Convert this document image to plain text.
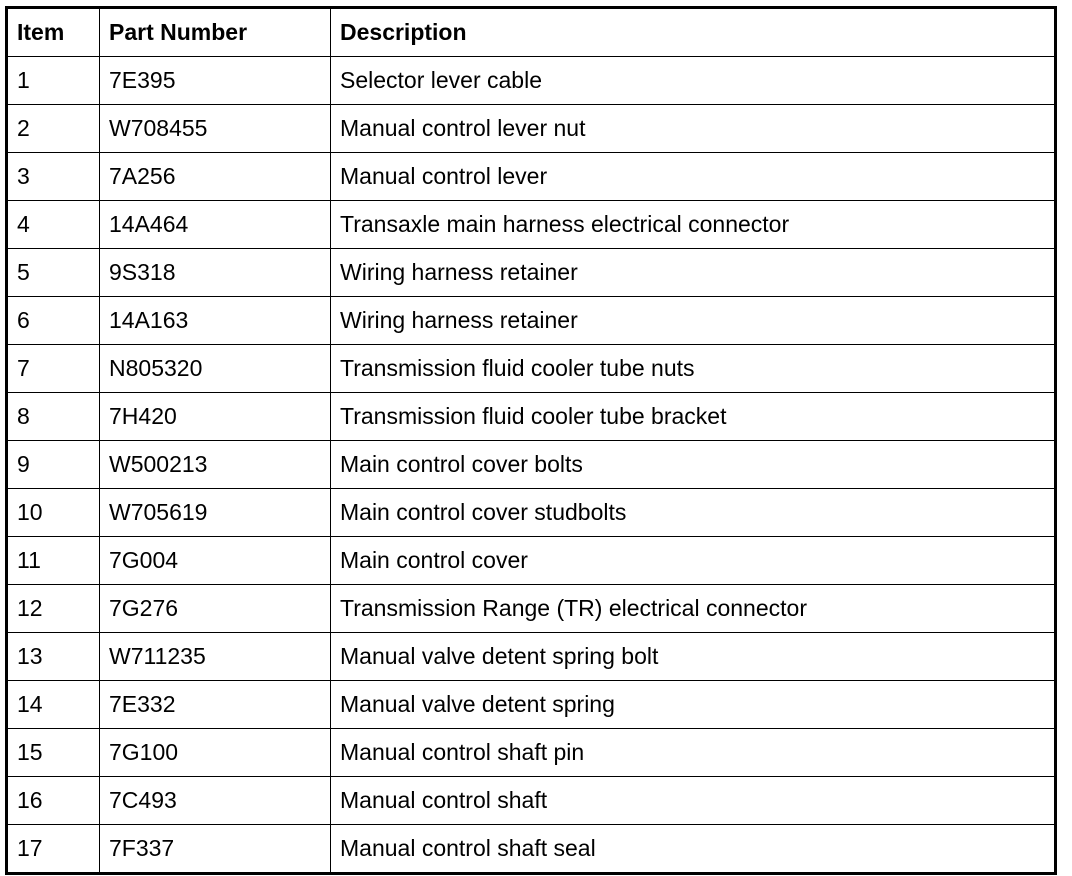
Item	Part Number	Description
1	7E395	Selector lever cable
2	W708455	Manual control lever nut
3	7A256	Manual control lever
4	14A464	Transaxle main harness electrical connector
5	9S318	Wiring harness retainer
6	14A163	Wiring harness retainer
7	N805320	Transmission fluid cooler tube nuts
8	7H420	Transmission fluid cooler tube bracket
9	W500213	Main control cover bolts
10	W705619	Main control cover studbolts
11	7G004	Main control cover
12	7G276	Transmission Range (TR) electrical connector
13	W711235	Manual valve detent spring bolt
14	7E332	Manual valve detent spring
15	7G100	Manual control shaft pin
16	7C493	Manual control shaft
17	7F337	Manual control shaft seal
